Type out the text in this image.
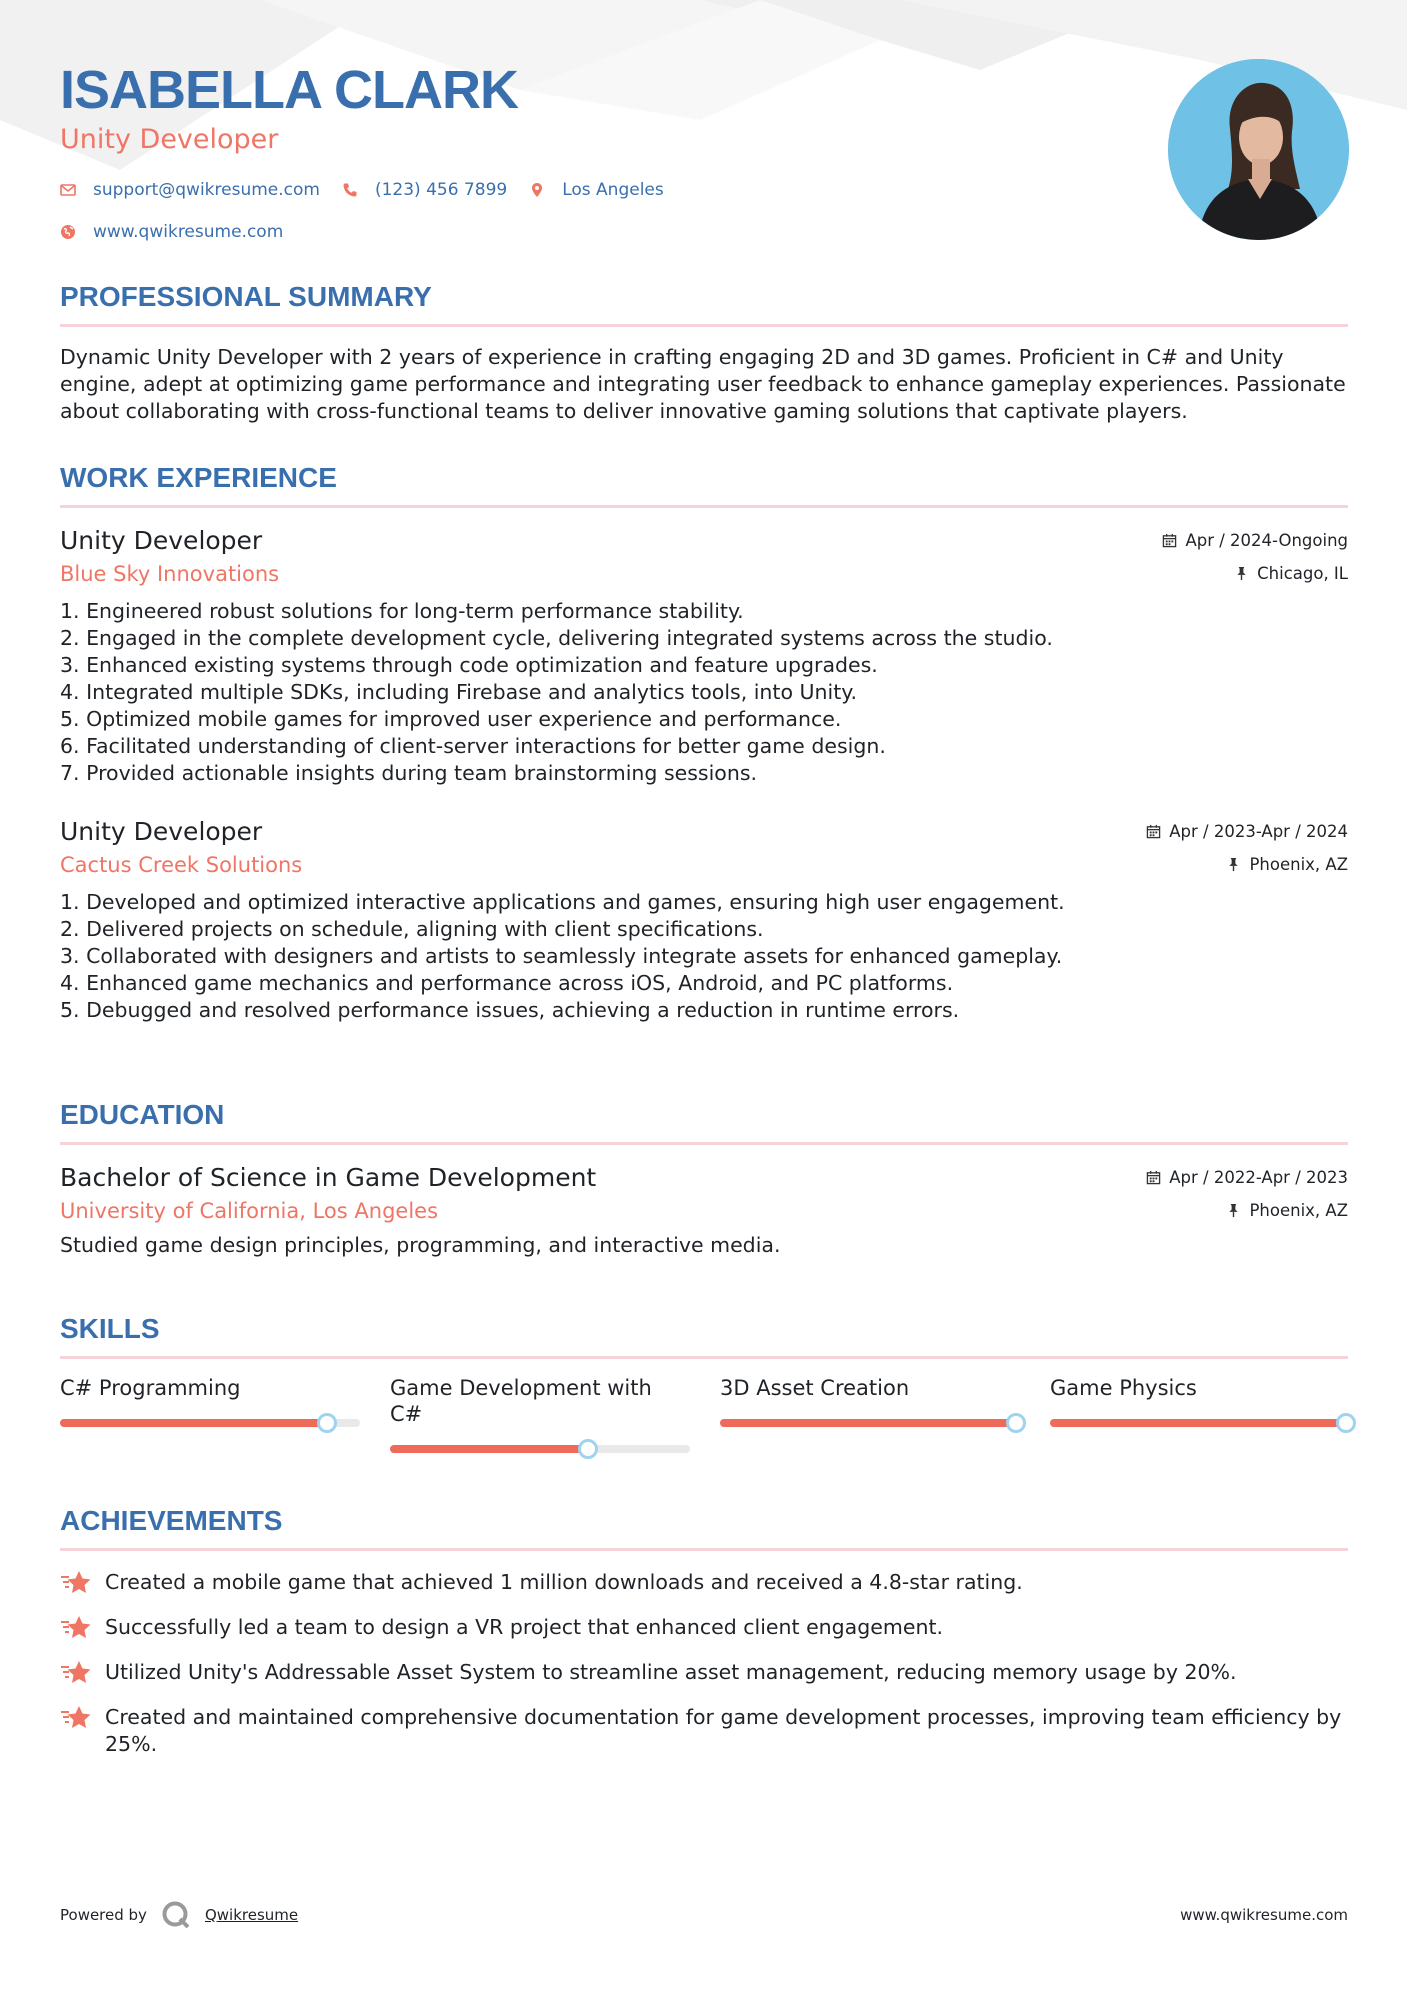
ISABELLA CLARK
Unity Developer
support@qwikresume.com	(123) 456 7899	Los Angeles
www.qwikresume.com
PROFESSIONAL SUMMARY
Dynamic Unity Developer with 2 years of experience in crafting engaging 2D and 3D games. Proficient in C# and Unity engine, adept at optimizing game performance and integrating user feedback to enhance gameplay experiences. Passionate about collaborating with cross-functional teams to deliver innovative gaming solutions that captivate players.
WORK EXPERIENCE
Unity Developer
Blue Sky Innovations
Apr / 2024-Ongoing
Chicago, IL
1. Engineered robust solutions for long-term performance stability.
2. Engaged in the complete development cycle, delivering integrated systems across the studio.
3. Enhanced existing systems through code optimization and feature upgrades.
4. Integrated multiple SDKs, including Firebase and analytics tools, into Unity.
5. Optimized mobile games for improved user experience and performance.
6. Facilitated understanding of client-server interactions for better game design.
7. Provided actionable insights during team brainstorming sessions.
Unity Developer
Cactus Creek Solutions
Apr / 2023-Apr / 2024
Phoenix, AZ
1. Developed and optimized interactive applications and games, ensuring high user engagement.
2. Delivered projects on schedule, aligning with client specifications.
3. Collaborated with designers and artists to seamlessly integrate assets for enhanced gameplay.
4. Enhanced game mechanics and performance across iOS, Android, and PC platforms.
5. Debugged and resolved performance issues, achieving a reduction in runtime errors.
EDUCATION
Bachelor of Science in Game Development
University of California, Los Angeles
Apr / 2022-Apr / 2023
Phoenix, AZ
Studied game design principles, programming, and interactive media.
SKILLS
C# Programming	Game Development with C#
3D Asset Creation	Game Physics
ACHIEVEMENTS
Created a mobile game that achieved 1 million downloads and received a 4.8-star rating.
Successfully led a team to design a VR project that enhanced client engagement.
Utilized Unity's Addressable Asset System to streamline asset management, reducing memory usage by 20%.
Created and maintained comprehensive documentation for game development processes, improving team efficiency by 25%.
Powered by	Qwikresume	www.qwikresume.com
